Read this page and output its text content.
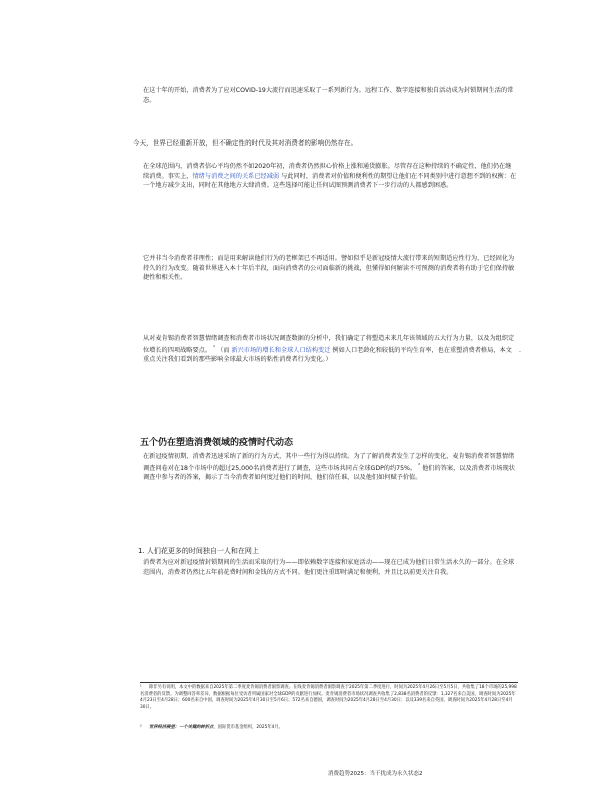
在这十年的开始，消费者为了应对COVID-19大流行而迅速采取了一系列新行为。远程工作、数字连接和独自活动成为封锁期间生活的常态。

今天，世界已经重新开放，但不确定性的时代及其对消费者的影响仍然存在。

在全球范围内，消费者信心平均仍然不如2020年初，消费者仍然担心价格上涨和通货膨胀。尽管存在这种持续的不确定性，他们仍在继续消费。事实上，情绪与消费之间的关系已经减弱 与此同时，消费者对价值和便利性的期望让他们在不同类别中进行意想不到的权衡：在一个地方减少支出，同时在其他地方大肆消费。这些选择可能让任何试图预测消费者下一步行动的人都感到困惑。

它并非当今消费者非理性；而是用来解读他们行为的老框架已不再适用。譬如似乎是新冠疫情大流行带来的短期适应性行为，已经固化为持久的行为改变。随着世界进入本十年后半段，面向消费者的公司面临新的挑战，但懂得如何解读不可预测的消费者将有助于它们保持敏捷性和相关性。

从对麦肯锡消费者智慧情绪调查和消费者市场状况调查数据的分析中，我们确定了将塑造未来几年该领域的五大行为力量，以及为组织定位增长的四项战略要点。 $^{^1}$ （而 新兴市场的增长和全球人口结构变迁 例如人口老龄化和较低的平均生育率，也在重塑消费者格局，本文重点关注我们看到的那些影响全球最大市场的粘性消费者行为变化。）

.
五个仍在塑造消费领域的疫情时代动态

在新冠疫情初期，消费者迅速采纳了新的行为方式，其中一些行为得以持续。为了了解消费者发生了怎样的变化，麦肯锡消费者智慧情绪调查问卷对在18个市场中的超过25,000名消费者进行了调查，这些市场共同占全球GDP的约75%。 $^{^2}$ 他们的答案，以及消费者市场现状调查中参与者的答案，揭示了当今消费者如何度过他们的时间，他们信任谁，以及他们如何赋予价值。

1. 人们花更多的时间独自一人和在网上

消费者为应对新冠疫情封锁期间的生活而采取的行为——即依赖数字连接和家庭活动——现在已成为他们日常生活永久的一部分。在全球范围内，消费者仍然比五年前花费时间和金钱的方式不同。他们更注重即时满足和便利，并且比以前更关注自我。

¹ 除非另有说明，本文中的数据来自2025年第二季度麦肯锡消费者洞察调查。在线麦肯锡消费者洞察调查于2025年第二季度进行，时间为2025年4月26日至5月5日，共收集了18个市场的25,998名消费者的反馈。为调整回答率差异，数据根据每位受访者所属国家对全球GDP的贡献进行加权。麦肯锡消费者市场状况调查共收集了2,838名消费者的反馈：1,327名来自美国，调查时间为2025年4月23日至4月28日；600名来自中国，调查时间为2025年4月30日至5月6日；572名来自德国，调查时间为2025年4月28日至4月30日；以及339名来自英国，调查时间为2025年4月28日至4月30日。
² 世界经济展望：一个关键的转折点，国际货币基金组织，2025年4月。
消费趋势2025：当干扰成为永久状态2
